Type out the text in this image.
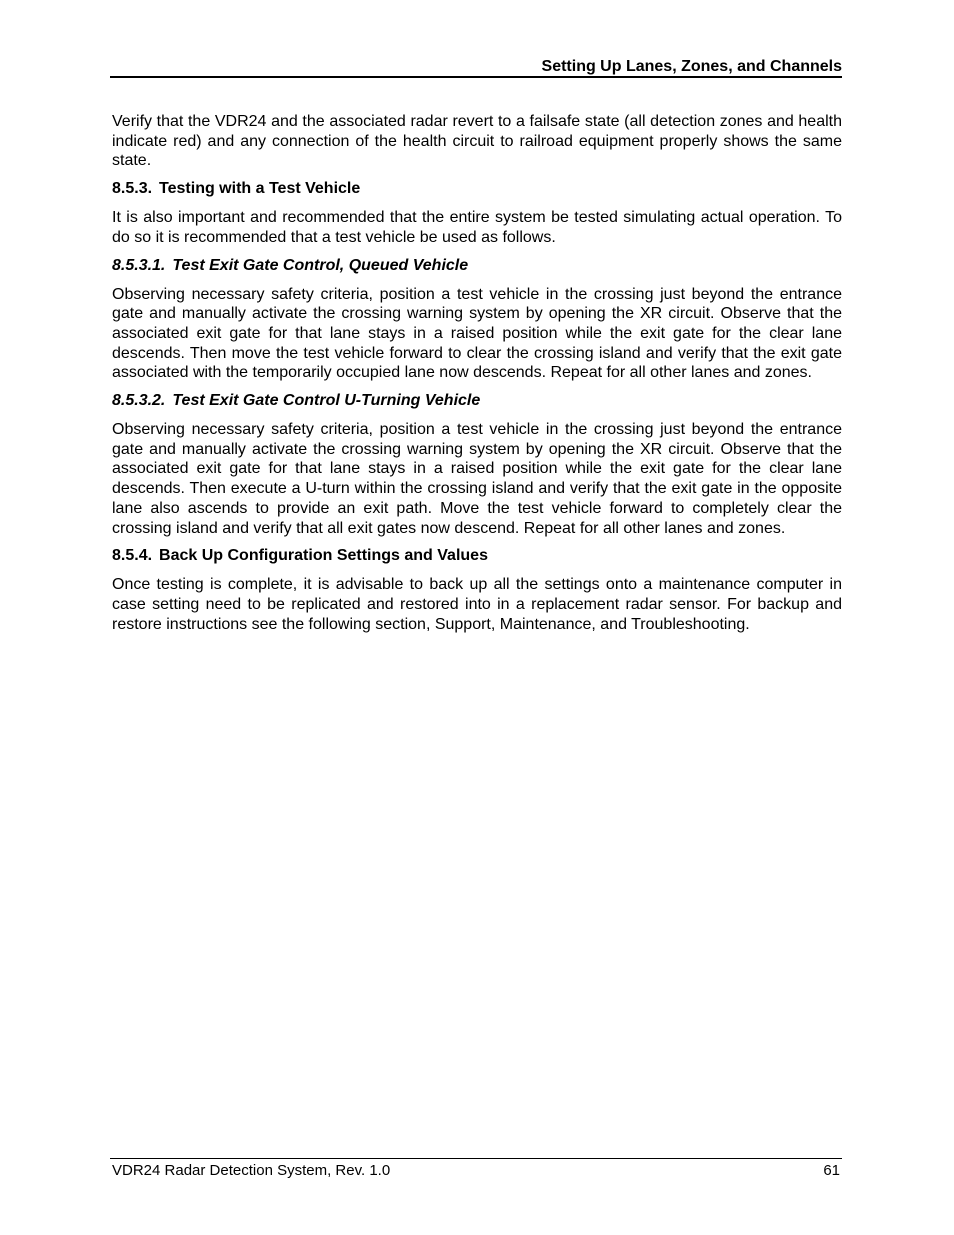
Setting Up Lanes, Zones, and Channels

Verify that the VDR24 and the associated radar revert to a failsafe state (all detection zones and health indicate red) and any connection of the health circuit to railroad equipment properly shows the same state.

8.5.3. Testing with a Test Vehicle

It is also important and recommended that the entire system be tested simulating actual operation. To do so it is recommended that a test vehicle be used as follows.

8.5.3.1. Test Exit Gate Control, Queued Vehicle

Observing necessary safety criteria, position a test vehicle in the crossing just beyond the entrance gate and manually activate the crossing warning system by opening the XR circuit. Observe that the associated exit gate for that lane stays in a raised position while the exit gate for the clear lane descends. Then move the test vehicle forward to clear the crossing island and verify that the exit gate associated with the temporarily occupied lane now descends. Repeat for all other lanes and zones.

8.5.3.2. Test Exit Gate Control U-Turning Vehicle

Observing necessary safety criteria, position a test vehicle in the crossing just beyond the entrance gate and manually activate the crossing warning system by opening the XR circuit. Observe that the associated exit gate for that lane stays in a raised position while the exit gate for the clear lane descends. Then execute a U-turn within the crossing island and verify that the exit gate in the opposite lane also ascends to provide an exit path. Move the test vehicle forward to completely clear the crossing island and verify that all exit gates now descend. Repeat for all other lanes and zones.

8.5.4. Back Up Configuration Settings and Values

Once testing is complete, it is advisable to back up all the settings onto a maintenance computer in case setting need to be replicated and restored into in a replacement radar sensor. For backup and restore instructions see the following section, Support, Maintenance, and Troubleshooting.

VDR24 Radar Detection System, Rev. 1.0	61
